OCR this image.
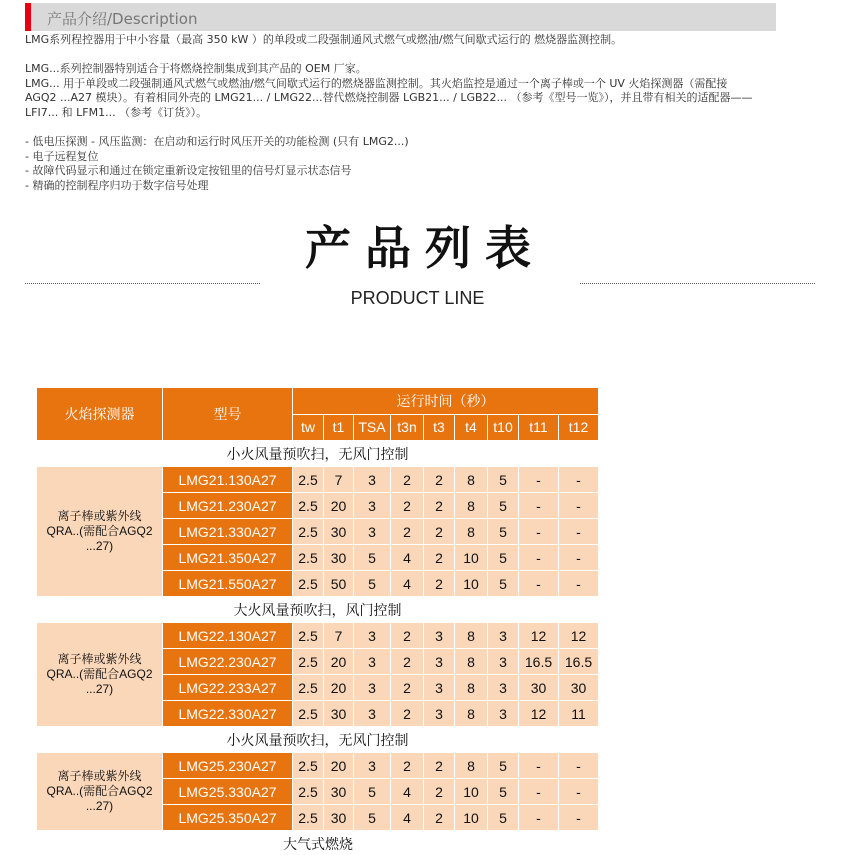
产品介绍/Description

LMG系列程控器用于中小容量（最高 350 kW ）的单段或二段强制通风式燃气或燃油/燃气间歇式运行的 燃烧器监测控制。

LMG...系列控制器特别适合于将燃烧控制集成到其产品的 OEM 厂家。

LMG... 用于单段或二段强制通风式燃气或燃油/燃气间歇式运行的燃烧器监测控制。其火焰监控是通过一个离子棒或一个 UV 火焰探测器（需配接

AGQ2 ...A27 模块）。有着相同外壳的 LMG21... / LMG22...替代燃烧控制器 LGB21... / LGB22... （参考《型号一览》），并且带有相关的适配器——

LFI7... 和 LFM1... （参考《订货》）。

- 低电压探测 - 风压监测：在启动和运行时风压开关的功能检测 (只有 LMG2...)

- 电子远程复位

- 故障代码显示和通过在锁定重新设定按钮里的信号灯显示状态信号

- 精确的控制程序归功于数字信号处理

产品列表
PRODUCT LINE
火焰探测器	型号	运行时间（秒）								
		tw	t1	TSA	t3n	t3	t4	t10	t11	t12
小火风量预吹扫，无风门控制										

离子棒或紫外线
QRA..(需配合AGQ2
...27)	LMG21.130A27	2.5	7	3	2	2	8	5	-	-
	LMG21.230A27	2.5	20	3	2	2	8	5	-	-
	LMG21.330A27	2.5	30	3	2	2	8	5	-	-
	LMG21.350A27	2.5	30	5	4	2	10	5	-	-
	LMG21.550A27	2.5	50	5	4	2	10	5	-	-
大火风量预吹扫，风门控制										

离子棒或紫外线
QRA..(需配合AGQ2
...27)	LMG22.130A27	2.5	7	3	2	3	8	3	12	12
	LMG22.230A27	2.5	20	3	2	3	8	3	16.5	16.5
	LMG22.233A27	2.5	20	3	2	3	8	3	30	30
	LMG22.330A27	2.5	30	3	2	3	8	3	12	11
小火风量预吹扫，无风门控制										

离子棒或紫外线
QRA..(需配合AGQ2
...27)	LMG25.230A27	2.5	20	3	2	2	8	5	-	-
	LMG25.330A27	2.5	30	5	4	2	10	5	-	-
	LMG25.350A27	2.5	30	5	4	2	10	5	-	-
大气式燃烧
